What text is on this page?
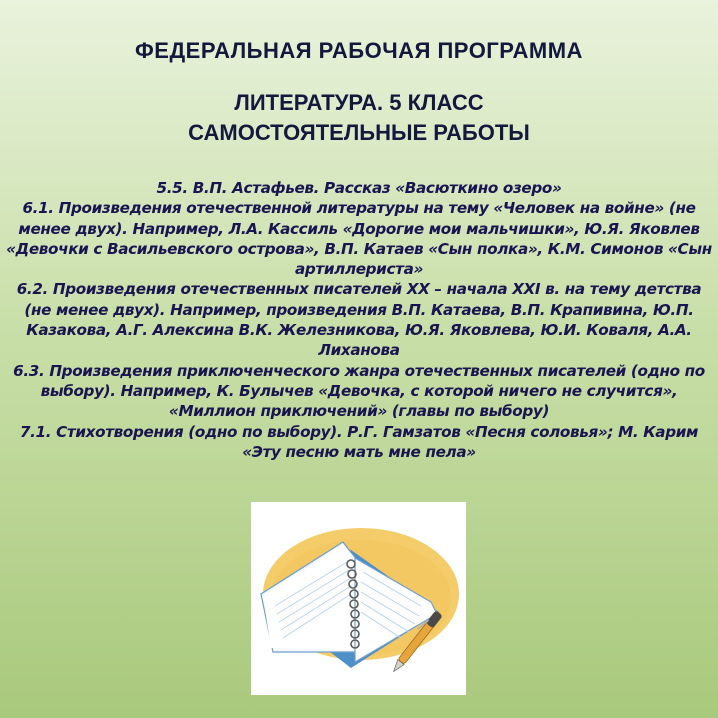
ФЕДЕРАЛЬНАЯ РАБОЧАЯ ПРОГРАММА
ЛИТЕРАТУРА. 5 КЛАСС
САМОСТОЯТЕЛЬНЫЕ РАБОТЫ

5.5. В.П. Астафьев. Рассказ «Васюткино озеро»

6.1. Произведения отечественной литературы на тему «Человек на войне» (не менее двух). Например, Л.А. Кассиль «Дорогие мои мальчишки», Ю.Я. Яковлев «Девочки с Васильевского острова», В.П. Катаев «Сын полка», К.М. Симонов «Сын артиллериста»

6.2. Произведения отечественных писателей XX – начала XXI в. на тему детства (не менее двух). Например, произведения В.П. Катаева, В.П. Крапивина, Ю.П. Казакова, А.Г. Алексина В.К. Железникова, Ю.Я. Яковлева, Ю.И. Коваля, А.А. Лиханова

6.3. Произведения приключенческого жанра отечественных писателей (одно по выбору). Например, К. Булычев «Девочка, с которой ничего не случится», «Миллион приключений» (главы по выбору)

7.1. Стихотворения (одно по выбору). Р.Г. Гамзатов «Песня соловья»; М. Карим «Эту песню мать мне пела»
